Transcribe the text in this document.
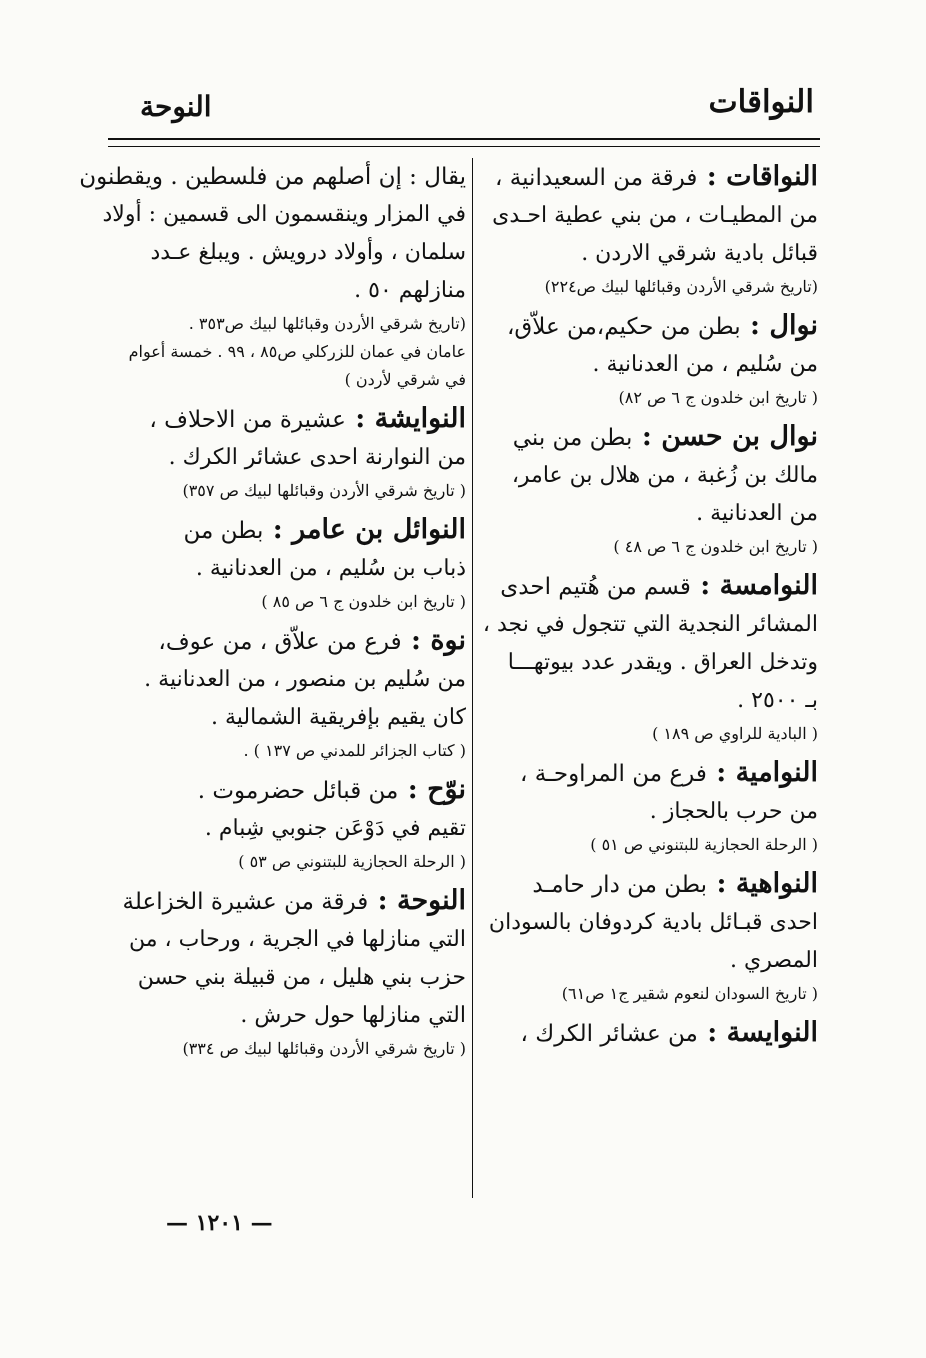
النواقات
النوحة
النواقات : فرقة من السعيدانية ،
من المطيـات ، من بني عطية احـدى
قبائل بادية شرقي الاردن .
(تاريخ شرقي الأردن وقبائلها لبيك ص٢٢٤)
نوال : بطن من حكيم،من علاّق،
من سُليم ، من العدنانية .
( تاريخ ابن خلدون ج ٦ ص ٨٢)
نوال بن حسن : بطن من بني
مالك بن زُغبة ، من هلال بن عامر،
من العدنانية .
( تاريخ ابن خلدون ج ٦ ص ٤٨ )
النوامسة : قسم من هُتيم احدى
المشائر النجدية التي تتجول في نجد ،
وتدخل العراق . ويقدر عدد بيوتهـــا
بـ ٢٥٠٠ .
( البادية للراوي ص ١٨٩ )
النوامية : فرع من المراوحـة ،
من حرب بالحجاز .
( الرحلة الحجازية للبتنوني ص ٥١ )
النواهية : بطن من دار حامـد
احدى قبـائل بادية كردوفان بالسودان
المصري .
( تاريخ السودان لنعوم شقير ج١ ص٦١)
النوايسة : من عشائر الكرك ،
يقال : إن أصلهم من فلسطين . ويقطنون
في المزار وينقسمون الى قسمين : أولاد
سلمان ، وأولاد درويش . ويبلغ عـدد
منازلهم ٥٠ .
(تاريخ شرقي الأردن وقبائلها لبيك ص٣٥٣ .
عامان في عمان للزركلي ص٨٥ ، ٩٩ . خمسة أعوام
في شرقي لأردن )
النوايشة : عشيرة من الاحلاف ،
من النوارنة احدى عشائر الكرك .
( تاريخ شرقي الأردن وقبائلها لبيك ص ٣٥٧)
النوائل بن عامر : بطن من
ذباب بن سُليم ، من العدنانية .
( تاريخ ابن خلدون ج ٦ ص ٨٥ )
نوة : فرع من علاّق ، من عوف،
من سُليم بن منصور ، من العدنانية .
كان يقيم بإفريقية الشمالية .
( كتاب الجزائر للمدني ص ١٣٧ ) .
نوّح : من قبائل حضرموت .
تقيم في دَوْعَن جنوبي شِبام .
( الرحلة الحجازية للبتنوني ص ٥٣ )
النوحة : فرقة من عشيرة الخزاعلة
التي منازلها في الجرية ، ورحاب ، من
حزب بني هليل ، من قبيلة بني حسن
التي منازلها حول حرش .
( تاريخ شرقي الأردن وقبائلها لبيك ص ٣٣٤)
— ١٢٠١ —
